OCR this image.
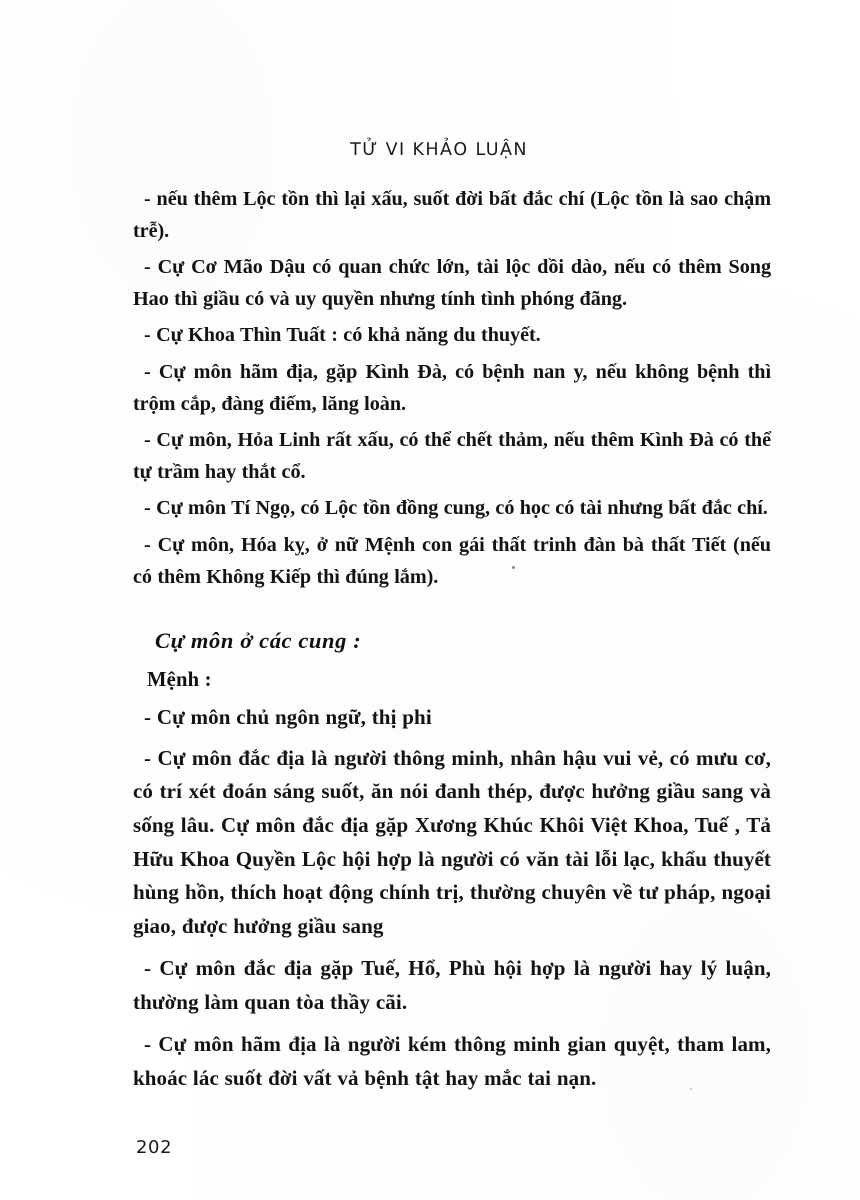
TỬ VI KHẢO LUẬN

- nếu thêm Lộc tồn thì lại xấu, suốt đời bất đắc chí (Lộc tồn là sao chậm trễ).

- Cự Cơ Mão Dậu có quan chức lớn, tài lộc dồi dào, nếu có thêm Song Hao thì giầu có và uy quyền nhưng tính tình phóng đãng.

- Cự Khoa Thìn Tuất : có khả năng du thuyết.

- Cự môn hãm địa, gặp Kình Đà, có bệnh nan y, nếu không bệnh thì trộm cắp, đàng điếm, lăng loàn.

- Cự môn, Hỏa Linh rất xấu, có thể chết thảm, nếu thêm Kình Đà có thể tự trầm hay thắt cổ.

- Cự môn Tí Ngọ, có Lộc tồn đồng cung, có học có tài nhưng bất đắc chí.

- Cự môn, Hóa kỵ, ở nữ Mệnh con gái thất trinh đàn bà thất Tiết (nếu có thêm Không Kiếp thì đúng lắm).

Cự môn ở các cung :
Mệnh :

- Cự môn chủ ngôn ngữ, thị phi

- Cự môn đắc địa là người thông minh, nhân hậu vui vẻ, có mưu cơ, có trí xét đoán sáng suốt, ăn nói đanh thép, được hưởng giầu sang và sống lâu. Cự môn đắc địa gặp Xương Khúc Khôi Việt Khoa, Tuế , Tả Hữu Khoa Quyền Lộc hội hợp là người có văn tài lỗi lạc, khẩu thuyết hùng hồn, thích hoạt động chính trị, thường chuyên về tư pháp, ngoại giao, được hưởng giầu sang

- Cự môn đắc địa gặp Tuế, Hổ, Phù hội hợp là người hay lý luận, thường làm quan tòa thầy cãi.

- Cự môn hãm địa là người kém thông minh gian quyệt, tham lam, khoác lác suốt đời vất vả bệnh tật hay mắc tai nạn.

202
